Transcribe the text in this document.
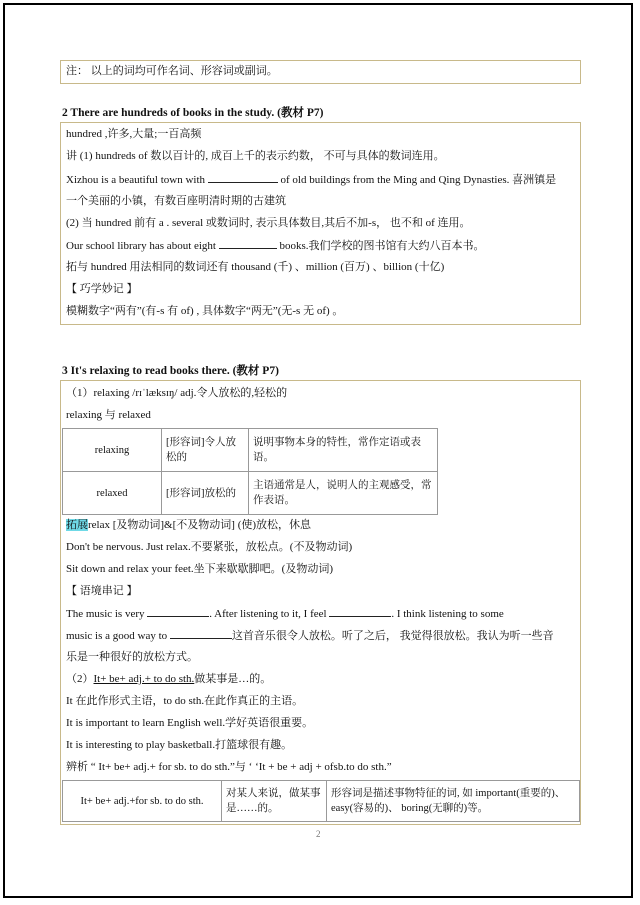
注： 以上的词均可作名词、形容词或副词。
2 There are hundreds of books in the study. (教材 P7)
hundred ,许多,大量;一百高频
讲 (1) hundreds of 数以百计的, 成百上千的表示约数， 不可与具体的数词连用。
Xizhou is a beautiful town with	of old buildings from the Ming and Qing Dynasties. 喜洲镇是
一个美丽的小镇，有数百座明清时期的古建筑
(2) 当 hundred 前有 a . several 或数词时, 表示具体数目,其后不加-s， 也不和 of 连用。
Our school library has about eight	books.我们学校的图书馆有大约八百本书。
拓与 hundred 用法相同的数词还有 thousand (千) 、million (百万) 、billion (十亿)
【 巧学妙记 】
模糊数字“两有”(有-s 有 of) , 具体数字“两无”(无-s 无 of) 。
3 It's relaxing to read books there. (教材 P7)
（1）relaxing /rɪˈlæksɪŋ/ adj.令人放松的,轻松的
relaxing 与 relaxed
relaxing	[形容词]令人放松的	说明事物本身的特性，常作定语或表语。
relaxed	[形容词]放松的	主语通常是人，说明人的主观感受，常作表语。
拓展relax [及物动词]&[不及物动词] (使)放松，休息
Don't be nervous. Just relax.不要紧张，放松点。(不及物动词)
Sit down and relax your feet.坐下来歇歇脚吧。(及物动词)
【 语境串记 】
The music is very	. After listening to it, I feel	. I think listening to some
music is a good way to	这首音乐很令人放松。听了之后， 我觉得很放松。我认为听一些音
乐是一种很好的放松方式。
（2）It+ be+ adj.+ to do sth.做某事是…的。
It 在此作形式主语，to do sth.在此作真正的主语。
It is important to learn English well.学好英语很重要。
It is interesting to play basketball.打篮球很有趣。
辨析 “ It+ be+ adj.+ for sb. to do sth.”与 ‘ ‘It + be + adj + ofsb.to do sth.”
It+ be+ adj.+for sb. to do sth.	对某人来说，做某事是……的。	形容词是描述事物特征的词, 如 important(重要的)、easy(容易的)、 boring(无聊的)等。
2
